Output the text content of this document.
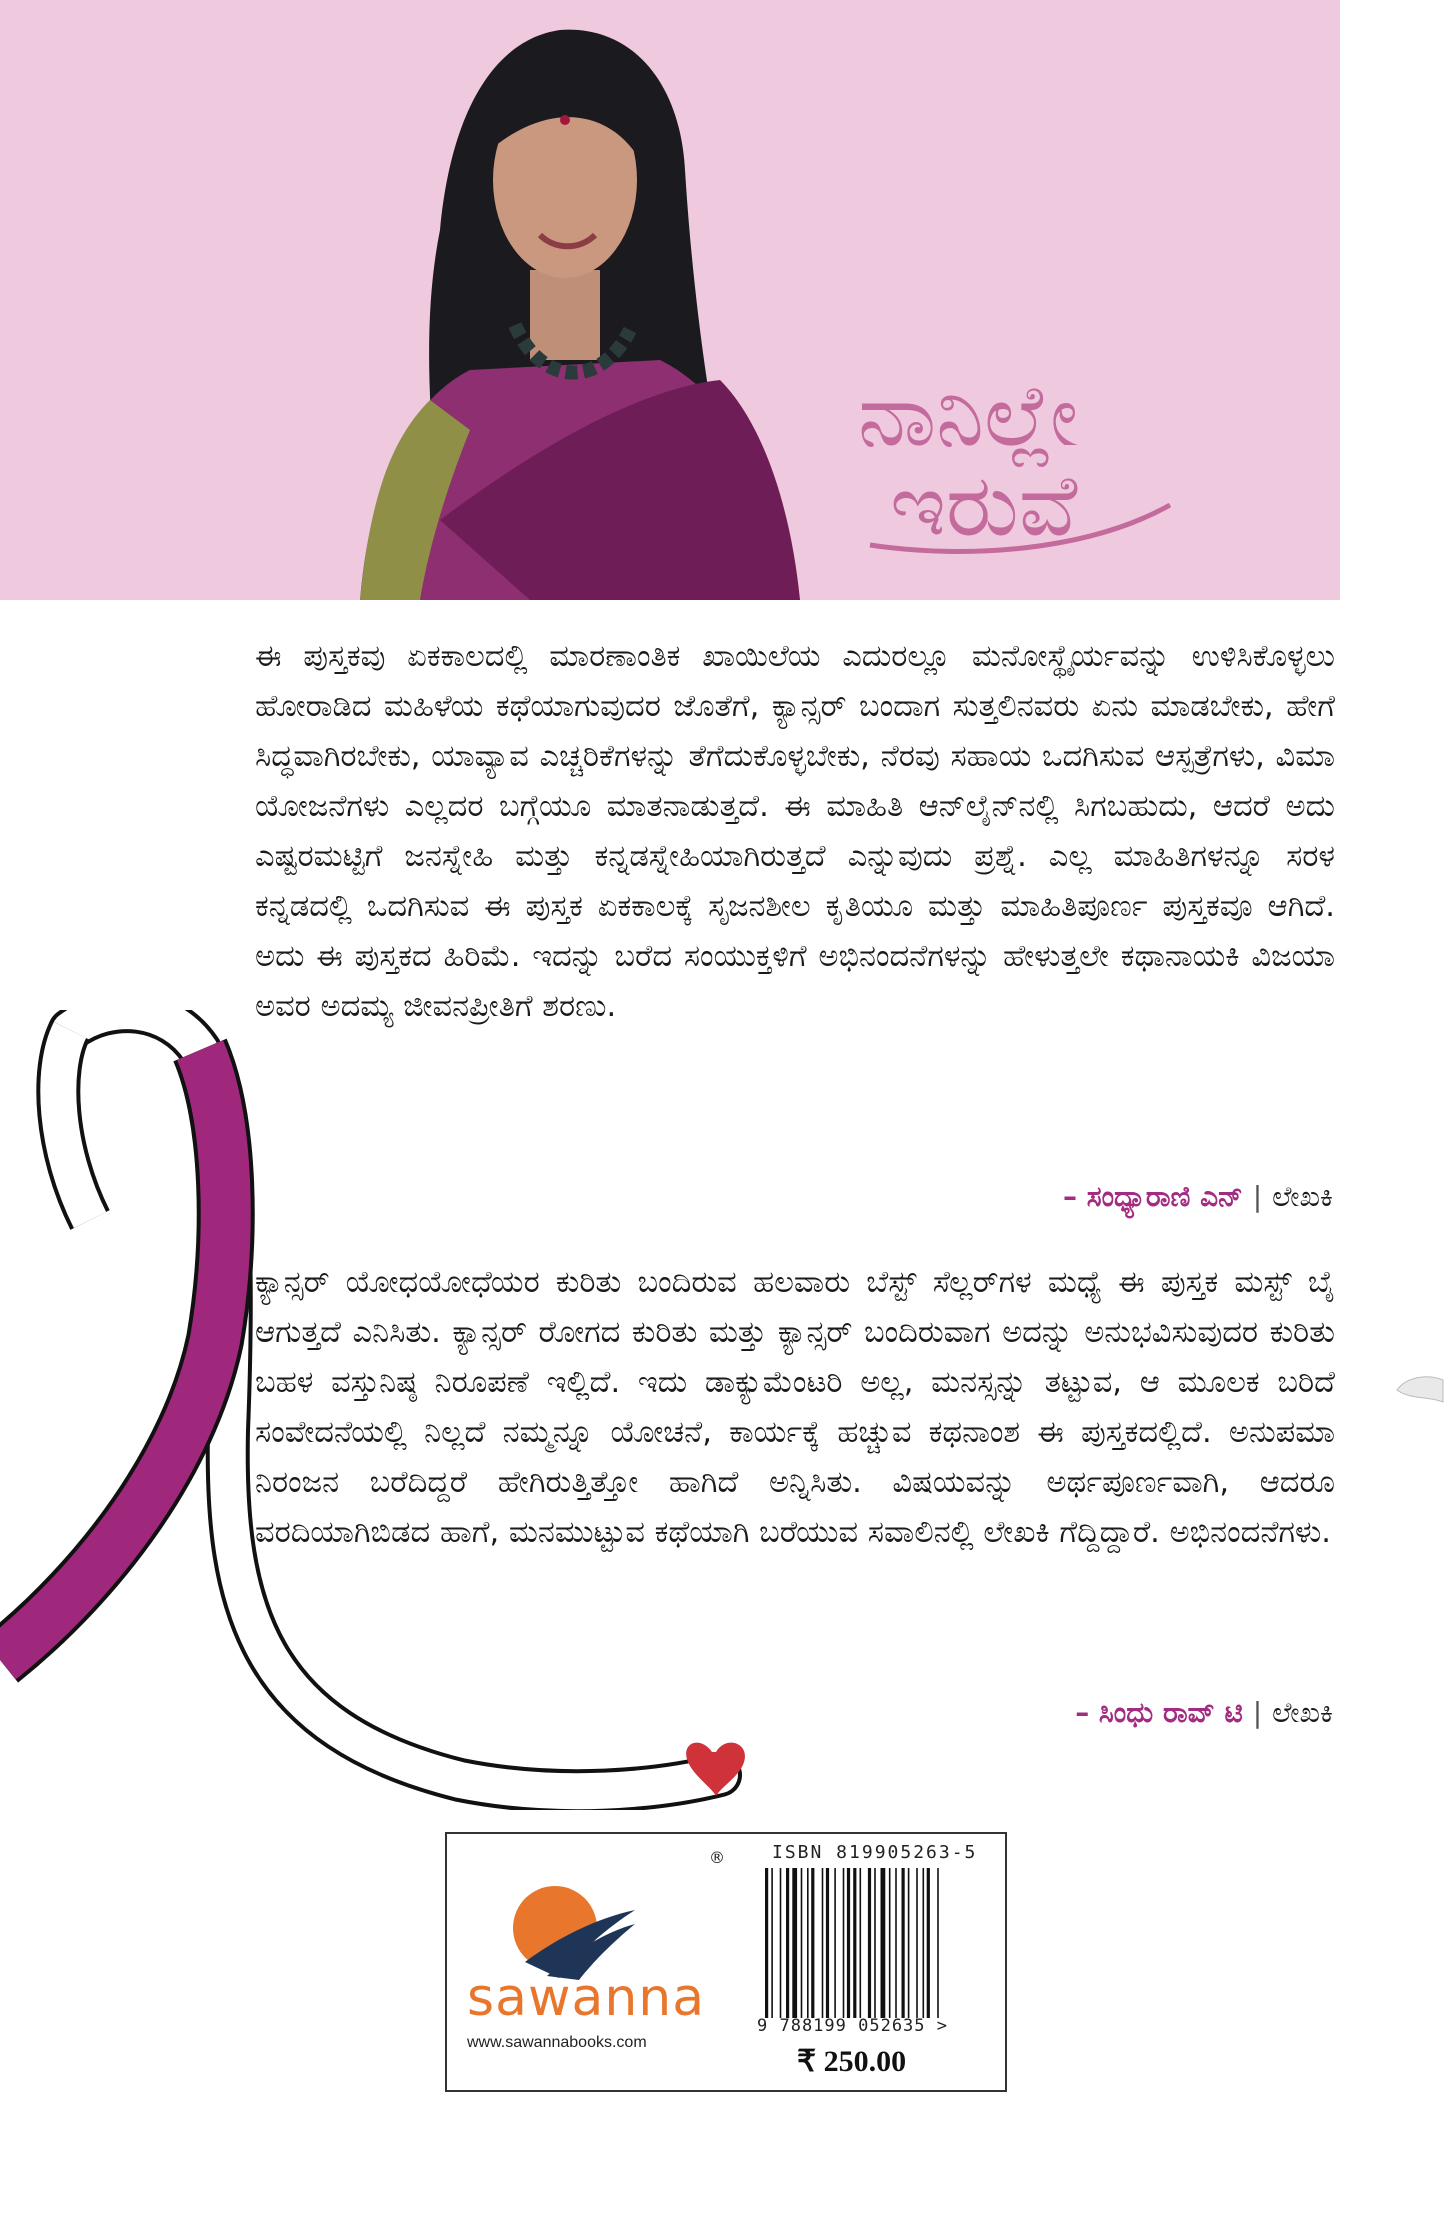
ನಾನಿಲ್ಲೇ
ಇರುವೆ

ಈ ಪುಸ್ತಕವು ಏಕಕಾಲದಲ್ಲಿ ಮಾರಣಾಂತಿಕ ಖಾಯಿಲೆಯ ಎದುರಲ್ಲೂ ಮನೋಸ್ಥೈರ್ಯವನ್ನು ಉಳಿಸಿಕೊಳ್ಳಲು ಹೋರಾಡಿದ ಮಹಿಳೆಯ ಕಥೆಯಾಗುವುದರ ಜೊತೆಗೆ, ಕ್ಯಾನ್ಸರ್ ಬಂದಾಗ ಸುತ್ತಲಿನವರು ಏನು ಮಾಡಬೇಕು, ಹೇಗೆ ಸಿದ್ಧವಾಗಿರಬೇಕು, ಯಾವ್ಯಾವ ಎಚ್ಚರಿಕೆಗಳನ್ನು ತೆಗೆದುಕೊಳ್ಳಬೇಕು, ನೆರವು ಸಹಾಯ ಒದಗಿಸುವ ಆಸ್ಪತ್ರೆಗಳು, ವಿಮಾ ಯೋಜನೆಗಳು ಎಲ್ಲದರ ಬಗ್ಗೆಯೂ ಮಾತನಾಡುತ್ತದೆ. ಈ ಮಾಹಿತಿ ಆನ್‌ಲೈನ್‌ನಲ್ಲಿ ಸಿಗಬಹುದು, ಆದರೆ ಅದು ಎಷ್ಟರಮಟ್ಟಿಗೆ ಜನಸ್ನೇಹಿ ಮತ್ತು ಕನ್ನಡಸ್ನೇಹಿಯಾಗಿರುತ್ತದೆ ಎನ್ನುವುದು ಪ್ರಶ್ನೆ. ಎಲ್ಲ ಮಾಹಿತಿಗಳನ್ನೂ ಸರಳ ಕನ್ನಡದಲ್ಲಿ ಒದಗಿಸುವ ಈ ಪುಸ್ತಕ ಏಕಕಾಲಕ್ಕೆ ಸೃಜನಶೀಲ ಕೃತಿಯೂ ಮತ್ತು ಮಾಹಿತಿಪೂರ್ಣ ಪುಸ್ತಕವೂ ಆಗಿದೆ. ಅದು ಈ ಪುಸ್ತಕದ ಹಿರಿಮೆ. ಇದನ್ನು ಬರೆದ ಸಂಯುಕ್ತಳಿಗೆ ಅಭಿನಂದನೆಗಳನ್ನು ಹೇಳುತ್ತಲೇ ಕಥಾನಾಯಕಿ ವಿಜಯಾ ಅವರ ಅದಮ್ಯ ಜೀವನಪ್ರೀತಿಗೆ ಶರಣು.

– ಸಂಧ್ಯಾರಾಣಿ ಎನ್ | ಲೇಖಕಿ

ಕ್ಯಾನ್ಸರ್ ಯೋಧಯೋಧೆಯರ ಕುರಿತು ಬಂದಿರುವ ಹಲವಾರು ಬೆಸ್ಟ್ ಸೆಲ್ಲರ್‌ಗಳ ಮಧ್ಯೆ ಈ ಪುಸ್ತಕ ಮಸ್ಟ್ ಬೈ ಆಗುತ್ತದೆ ಎನಿಸಿತು. ಕ್ಯಾನ್ಸರ್ ರೋಗದ ಕುರಿತು ಮತ್ತು ಕ್ಯಾನ್ಸರ್ ಬಂದಿರುವಾಗ ಅದನ್ನು ಅನುಭವಿಸುವುದರ ಕುರಿತು ಬಹಳ ವಸ್ತುನಿಷ್ಠ ನಿರೂಪಣೆ ಇಲ್ಲಿದೆ. ಇದು ಡಾಕ್ಯುಮೆಂಟರಿ ಅಲ್ಲ, ಮನಸ್ಸನ್ನು ತಟ್ಟುವ, ಆ ಮೂಲಕ ಬರಿದೆ ಸಂವೇದನೆಯಲ್ಲಿ ನಿಲ್ಲದೆ ನಮ್ಮನ್ನೂ ಯೋಚನೆ, ಕಾರ್ಯಕ್ಕೆ ಹಚ್ಚುವ ಕಥನಾಂಶ ಈ ಪುಸ್ತಕದಲ್ಲಿದೆ. ಅನುಪಮಾ ನಿರಂಜನ ಬರೆದಿದ್ದರೆ ಹೇಗಿರುತ್ತಿತ್ತೋ ಹಾಗಿದೆ ಅನ್ನಿಸಿತು. ವಿಷಯವನ್ನು ಅರ್ಥಪೂರ್ಣವಾಗಿ, ಆದರೂ ವರದಿಯಾಗಿಬಿಡದ ಹಾಗೆ, ಮನಮುಟ್ಟುವ ಕಥೆಯಾಗಿ ಬರೆಯುವ ಸವಾಲಿನಲ್ಲಿ ಲೇಖಕಿ ಗೆದ್ದಿದ್ದಾರೆ. ಅಭಿನಂದನೆಗಳು.

– ಸಿಂಧು ರಾವ್ ಟಿ | ಲೇಖಕಿ
®
sawanna
www.sawannabooks.com
ISBN 819905263-5
9 788199 052635 >
₹ 250.00
